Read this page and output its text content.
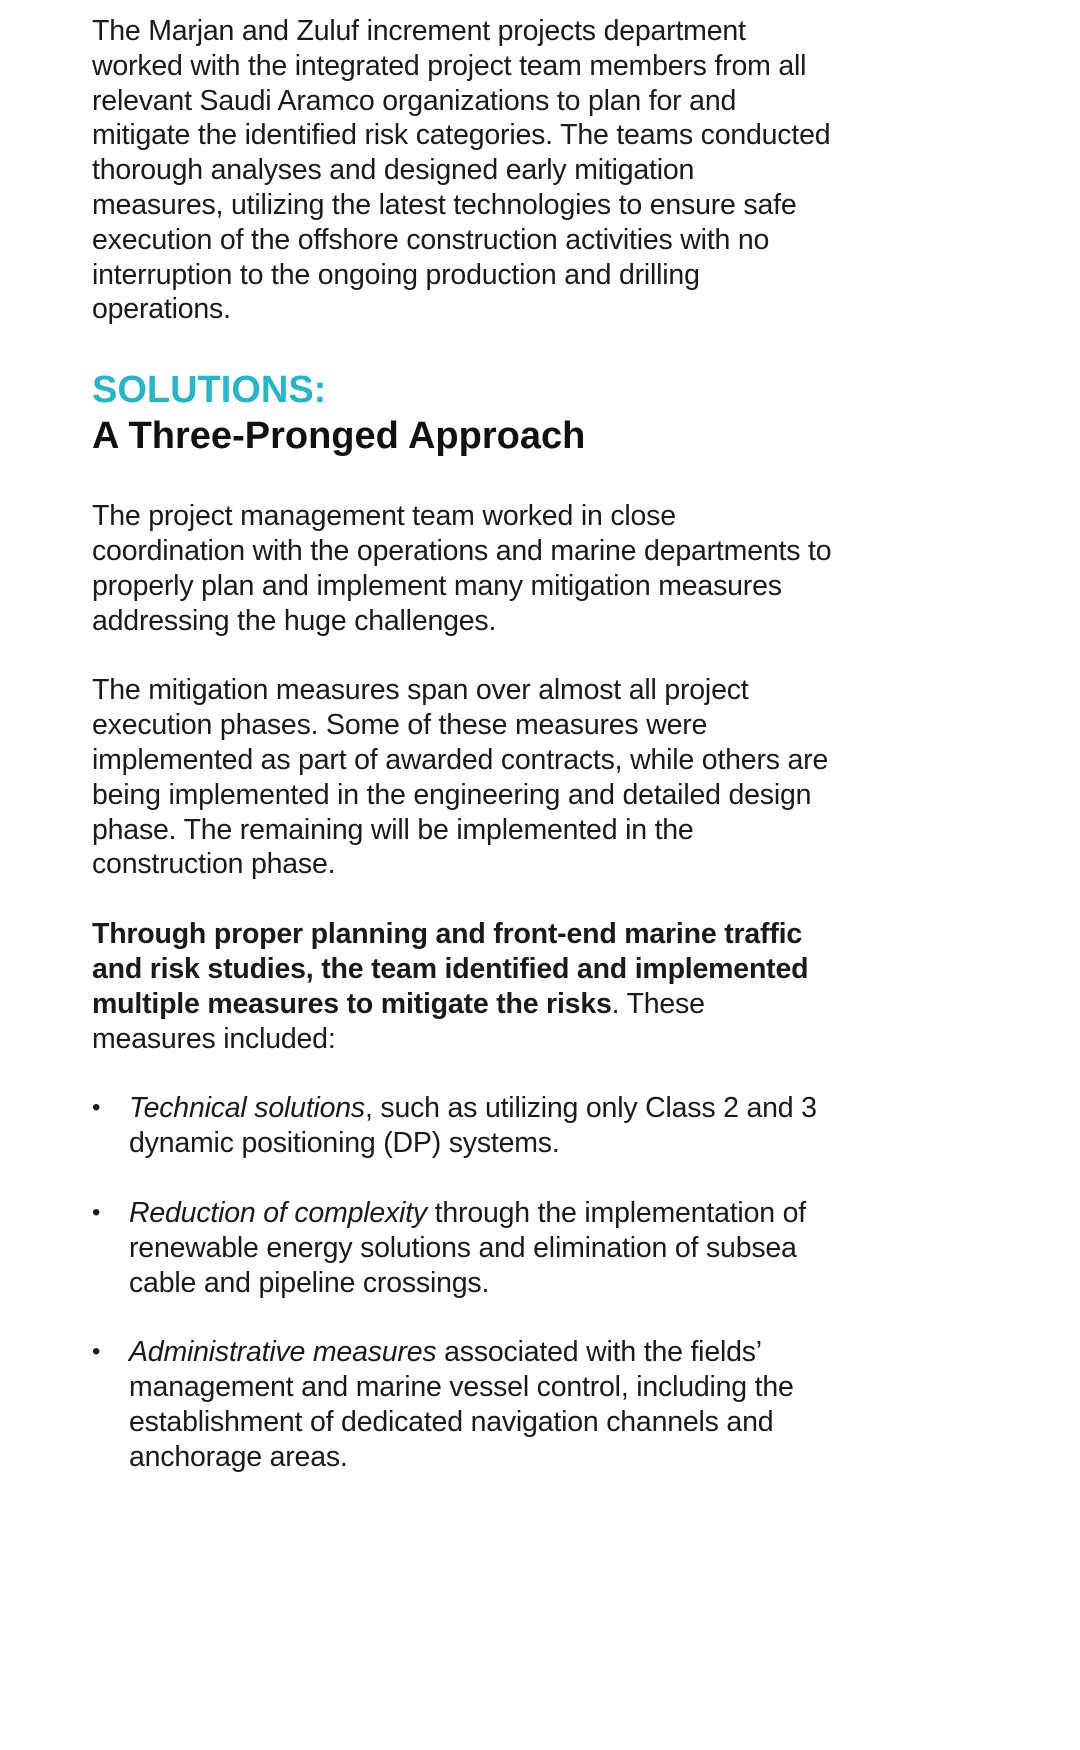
The Marjan and Zuluf increment projects department worked with the integrated project team members from all relevant Saudi Aramco organizations to plan for and mitigate the identified risk categories. The teams conducted thorough analyses and designed early mitigation measures, utilizing the latest technologies to ensure safe execution of the offshore construction activities with no interruption to the ongoing production and drilling operations.

SOLUTIONS:
A Three-Pronged Approach

The project management team worked in close coordination with the operations and marine departments to properly plan and implement many mitigation measures addressing the huge challenges.

The mitigation measures span over almost all project execution phases. Some of these measures were implemented as part of awarded contracts, while others are being implemented in the engineering and detailed design phase. The remaining will be implemented in the construction phase.

Through proper planning and front-end marine traffic and risk studies, the team identified and implemented multiple measures to mitigate the risks. These measures included:

• Technical solutions, such as utilizing only Class 2 and 3 dynamic positioning (DP) systems.
• Reduction of complexity through the implementation of renewable energy solutions and elimination of subsea cable and pipeline crossings.
• Administrative measures associated with the fields’ management and marine vessel control, including the establishment of dedicated navigation channels and anchorage areas.
